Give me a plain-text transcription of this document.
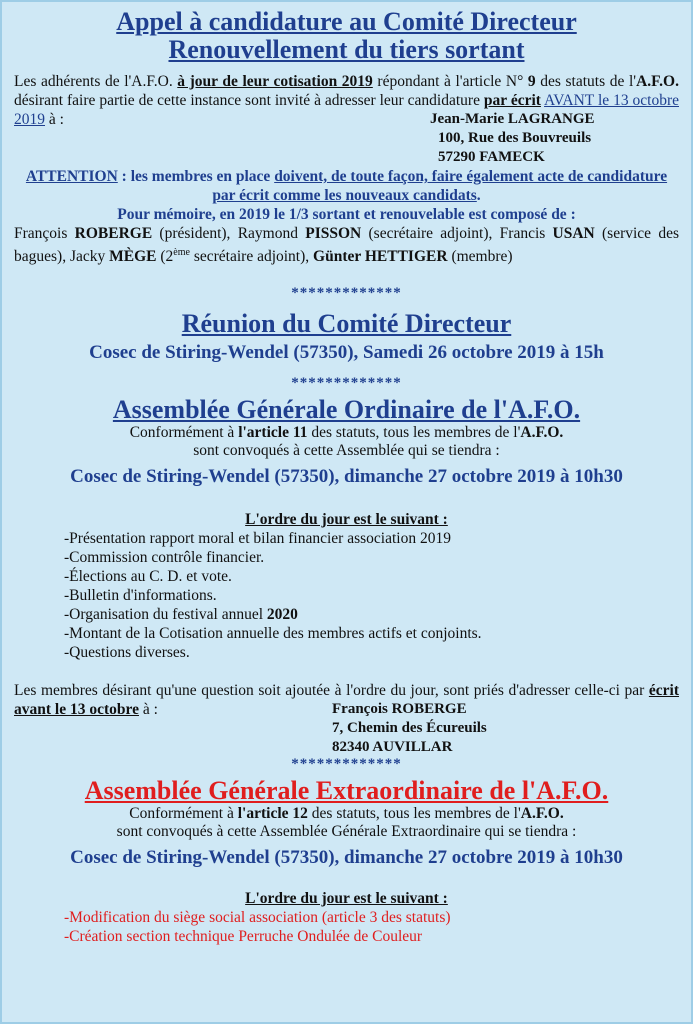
Appel à candidature au Comité Directeur
Renouvellement du tiers sortant
Les adhérents de l'A.F.O. à jour de leur cotisation 2019 répondant à l'article N° 9 des statuts de l'A.F.O. désirant faire partie de cette instance sont invité à adresser leur candidature par écrit AVANT le 13 octobre 2019 à :	Jean-Marie LAGRANGE
100, Rue des Bouvreuils
57290 FAMECK
ATTENTION : les membres en place doivent, de toute façon, faire également acte de candidature par écrit comme les nouveaux candidats.
Pour mémoire, en 2019 le 1/3 sortant et renouvelable est composé de :
François ROBERGE (président), Raymond PISSON (secrétaire adjoint), Francis USAN (service des bagues), Jacky MÈGE (2ème secrétaire adjoint), Günter HETTIGER (membre)
*************
Réunion du Comité Directeur
Cosec de Stiring-Wendel (57350), Samedi 26 octobre 2019 à 15h
*************
Assemblée Générale Ordinaire de l'A.F.O.
Conformément à l'article 11 des statuts, tous les membres de l'A.F.O.
sont convoqués à cette Assemblée qui se tiendra :
Cosec de Stiring-Wendel (57350), dimanche 27 octobre 2019 à 10h30
L'ordre du jour est le suivant :
-Présentation rapport moral et bilan financier association 2019
-Commission contrôle financier.
-Élections au C. D. et vote.
-Bulletin d'informations.
-Organisation du festival annuel 2020
-Montant de la Cotisation annuelle des membres actifs et conjoints.
-Questions diverses.
Les membres désirant qu'une question soit ajoutée à l'ordre du jour, sont priés d'adresser celle-ci par écrit avant le 13 octobre à :	François ROBERGE
7, Chemin des Écureuils
82340 AUVILLAR
*************
Assemblée Générale Extraordinaire de l'A.F.O.
Conformément à l'article 12 des statuts, tous les membres de l'A.F.O.
sont convoqués à cette Assemblée Générale Extraordinaire qui se tiendra :
Cosec de Stiring-Wendel (57350), dimanche 27 octobre 2019 à 10h30
L'ordre du jour est le suivant :
-Modification du siège social association (article 3 des statuts)
-Création section technique Perruche Ondulée de Couleur
